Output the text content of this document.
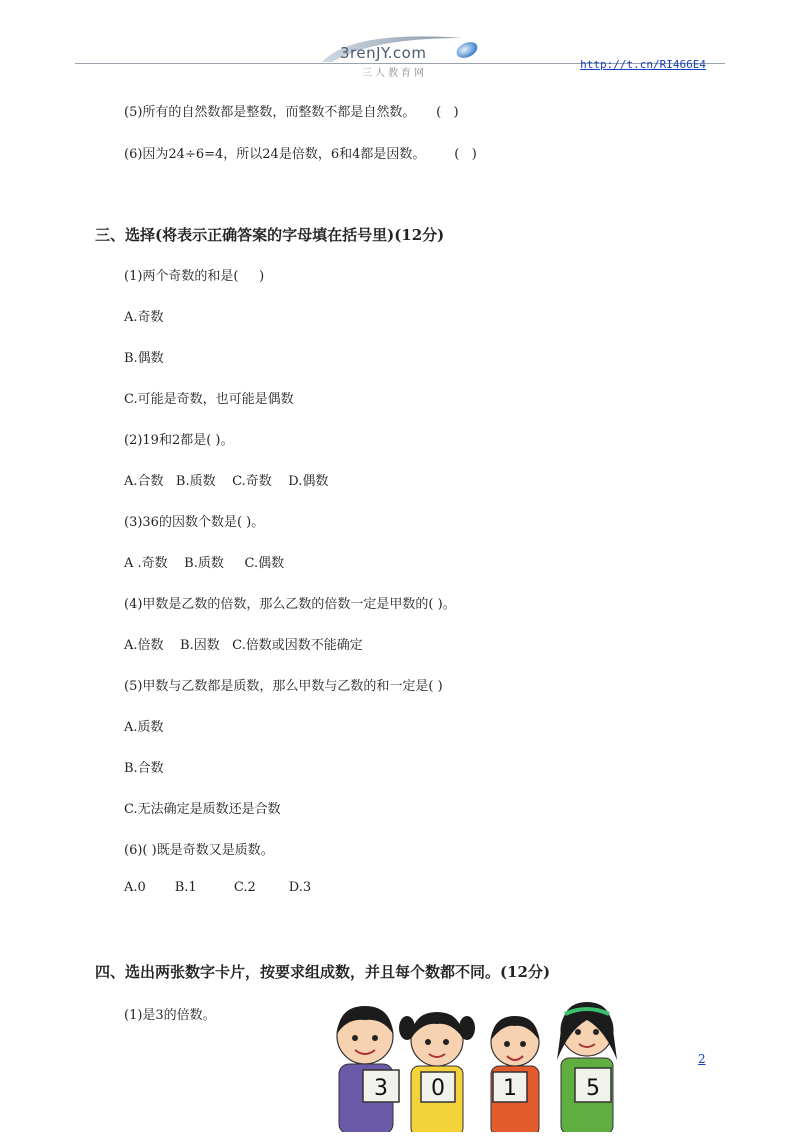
3renJY.com
三人教育网
http://t.cn/RI466E4
(5)所有的自然数都是整数，而整数不都是自然数。     (   )
(6)因为24÷6=4，所以24是倍数，6和4都是因数。       (   )
三、选择(将表示正确答案的字母填在括号里)(12分)
(1)两个奇数的和是(     )
A.奇数
B.偶数
C.可能是奇数，也可能是偶数
(2)19和2都是( )。
A.合数   B.质数    C.奇数    D.偶数
(3)36的因数个数是( )。
A .奇数    B.质数     C.偶数
(4)甲数是乙数的倍数，那么乙数的倍数一定是甲数的( )。
A.倍数    B.因数   C.倍数或因数不能确定
(5)甲数与乙数都是质数，那么甲数与乙数的和一定是( )
A.质数
B.合数
C.无法确定是质数还是合数
(6)( )既是奇数又是质数。
A.0       B.1         C.2        D.3
四、选出两张数字卡片，按要求组成数，并且每个数都不同。(12分)
(1)是3的倍数。
3 0	1	5
2
